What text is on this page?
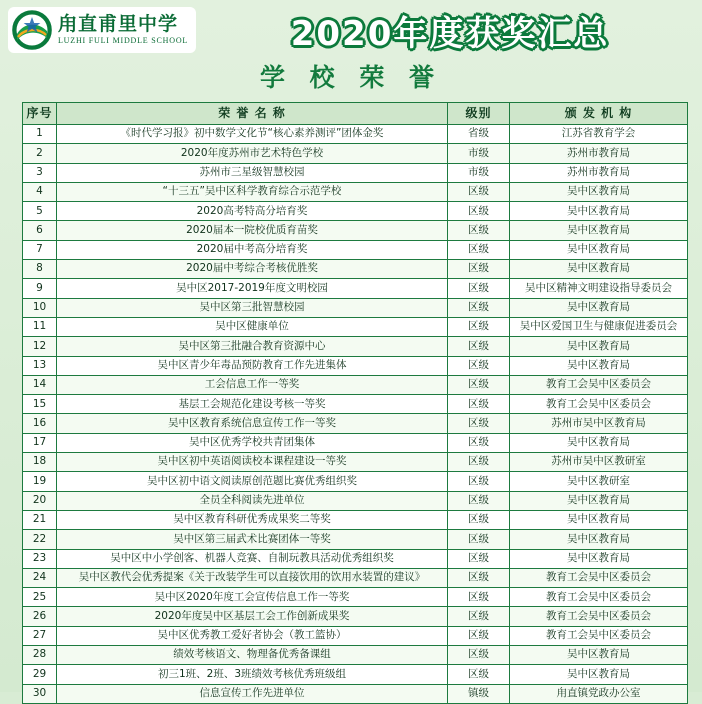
甪直甫里中学
LUZHI FULI MIDDLE SCHOOL	2020年度获奖汇总
学 校 荣 誉
序号	荣 誉 名 称	级别	颁 发 机 构
1	《时代学习报》初中数学文化节“核心素养测评”团体金奖	省级	江苏省教育学会
2	2020年度苏州市艺术特色学校	市级	苏州市教育局
3	苏州市三星级智慧校园	市级	苏州市教育局
4	“十三五”吴中区科学教育综合示范学校	区级	吴中区教育局
5	2020高考特高分培育奖	区级	吴中区教育局
6	2020届本一院校优质育苗奖	区级	吴中区教育局
7	2020届中考高分培育奖	区级	吴中区教育局
8	2020届中考综合考核优胜奖	区级	吴中区教育局
9	吴中区2017-2019年度文明校园	区级	吴中区精神文明建设指导委员会
10	吴中区第三批智慧校园	区级	吴中区教育局
11	吴中区健康单位	区级	吴中区爱国卫生与健康促进委员会
12	吴中区第三批融合教育资源中心	区级	吴中区教育局
13	吴中区青少年毒品预防教育工作先进集体	区级	吴中区教育局
14	工会信息工作一等奖	区级	教育工会吴中区委员会
15	基层工会规范化建设考核一等奖	区级	教育工会吴中区委员会
16	吴中区教育系统信息宣传工作一等奖	区级	苏州市吴中区教育局
17	吴中区优秀学校共青团集体	区级	吴中区教育局
18	吴中区初中英语阅读校本课程建设一等奖	区级	苏州市吴中区教研室
19	吴中区初中语文阅读原创范题比赛优秀组织奖	区级	吴中区教研室
20	全员全科阅读先进单位	区级	吴中区教育局
21	吴中区教育科研优秀成果奖二等奖	区级	吴中区教育局
22	吴中区第三届武术比赛团体一等奖	区级	吴中区教育局
23	吴中区中小学创客、机器人竞赛、自制玩教具活动优秀组织奖	区级	吴中区教育局
24	吴中区教代会优秀提案《关于改装学生可以直接饮用的饮用水装置的建议》	区级	教育工会吴中区委员会
25	吴中区2020年度工会宣传信息工作一等奖	区级	教育工会吴中区委员会
26	2020年度吴中区基层工会工作创新成果奖	区级	教育工会吴中区委员会
27	吴中区优秀教工爱好者协会（教工篮协）	区级	教育工会吴中区委员会
28	绩效考核语文、物理备优秀备课组	区级	吴中区教育局
29	初三1班、2班、3班绩效考核优秀班级组	区级	吴中区教育局
30	信息宣传工作先进单位	镇级	甪直镇党政办公室
